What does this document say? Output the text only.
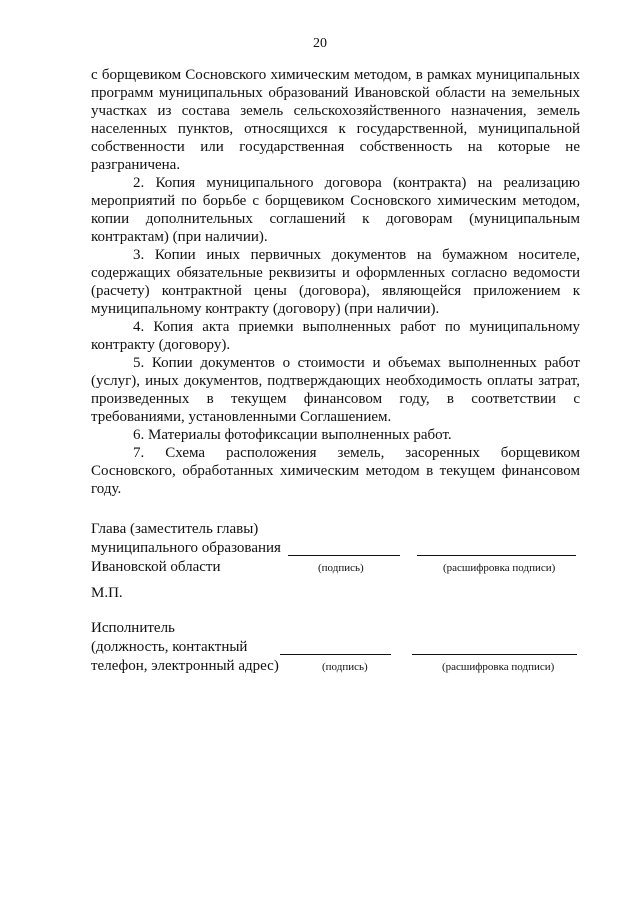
20

с борщевиком Сосновского химическим методом, в рамках муниципальных программ муниципальных образований Ивановской области на земельных участках из состава земель сельскохозяйственного назначения, земель населенных пунктов, относящихся к государственной, муниципальной собственности или государственная собственность на которые не разграничена.

2. Копия муниципального договора (контракта) на реализацию мероприятий по борьбе с борщевиком Сосновского химическим методом, копии дополнительных соглашений к договорам (муниципальным контрактам) (при наличии).

3. Копии иных первичных документов на бумажном носителе, содержащих обязательные реквизиты и оформленных согласно ведомости (расчету) контрактной цены (договора), являющейся приложением к муниципальному контракту (договору) (при наличии).

4. Копия акта приемки выполненных работ по муниципальному контракту (договору).

5. Копии документов о стоимости и объемах выполненных работ (услуг), иных документов, подтверждающих необходимость оплаты затрат, произведенных в текущем финансовом году, в соответствии с требованиями, установленными Соглашением.

6. Материалы фотофиксации выполненных работ.

7. Схема расположения земель, засоренных борщевиком Сосновского, обработанных химическим методом в текущем финансовом году.

Глава (заместитель главы)
муниципального образования
Ивановской области	(подпись)	(расшифровка подписи)
М.П.
Исполнитель
(должность, контактный
телефон, электронный адрес)	(подпись)	(расшифровка подписи)
